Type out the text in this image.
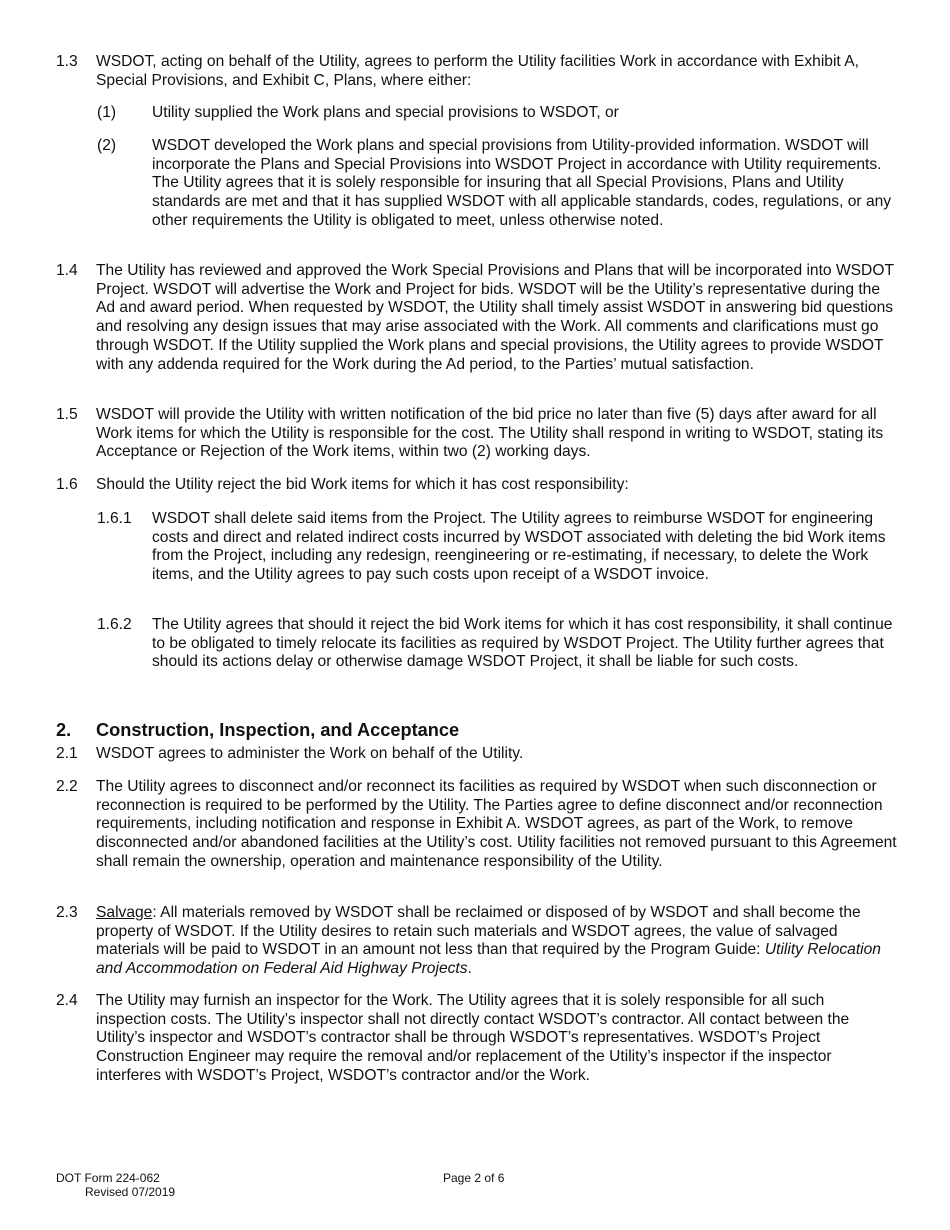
1.3	WSDOT, acting on behalf of the Utility, agrees to perform the Utility facilities Work in accordance with Exhibit A, Special Provisions, and Exhibit C, Plans, where either:
(1)	Utility supplied the Work plans and special provisions to WSDOT, or
(2)	WSDOT developed the Work plans and special provisions from Utility-provided information. WSDOT will incorporate the Plans and Special Provisions into WSDOT Project in accordance with Utility requirements. The Utility agrees that it is solely responsible for insuring that all Special Provisions, Plans and Utility standards are met and that it has supplied WSDOT with all applicable standards, codes, regulations, or any other requirements the Utility is obligated to meet, unless otherwise noted.
1.4	The Utility has reviewed and approved the Work Special Provisions and Plans that will be incorporated into WSDOT Project. WSDOT will advertise the Work and Project for bids. WSDOT will be the Utility’s representative during the Ad and award period. When requested by WSDOT, the Utility shall timely assist WSDOT in answering bid questions and resolving any design issues that may arise associated with the Work. All comments and clarifications must go through WSDOT. If the Utility supplied the Work plans and special provisions, the Utility agrees to provide WSDOT with any addenda required for the Work during the Ad period, to the Parties’ mutual satisfaction.
1.5	WSDOT will provide the Utility with written notification of the bid price no later than five (5) days after award for all Work items for which the Utility is responsible for the cost. The Utility shall respond in writing to WSDOT, stating its Acceptance or Rejection of the Work items, within two (2) working days.
1.6	Should the Utility reject the bid Work items for which it has cost responsibility:
1.6.1	WSDOT shall delete said items from the Project. The Utility agrees to reimburse WSDOT for engineering costs and direct and related indirect costs incurred by WSDOT associated with deleting the bid Work items from the Project, including any redesign, reengineering or re-estimating, if necessary, to delete the Work items, and the Utility agrees to pay such costs upon receipt of a WSDOT invoice.
1.6.2	The Utility agrees that should it reject the bid Work items for which it has cost responsibility, it shall continue to be obligated to timely relocate its facilities as required by WSDOT Project. The Utility further agrees that should its actions delay or otherwise damage WSDOT Project, it shall be liable for such costs.
2.	Construction, Inspection, and Acceptance
2.1	WSDOT agrees to administer the Work on behalf of the Utility.
2.2	The Utility agrees to disconnect and/or reconnect its facilities as required by WSDOT when such disconnection or reconnection is required to be performed by the Utility. The Parties agree to define disconnect and/or reconnection requirements, including notification and response in Exhibit A. WSDOT agrees, as part of the Work, to remove disconnected and/or abandoned facilities at the Utility’s cost. Utility facilities not removed pursuant to this Agreement shall remain the ownership, operation and maintenance responsibility of the Utility.
2.3	Salvage: All materials removed by WSDOT shall be reclaimed or disposed of by WSDOT and shall become the property of WSDOT. If the Utility desires to retain such materials and WSDOT agrees, the value of salvaged materials will be paid to WSDOT in an amount not less than that required by the Program Guide: Utility Relocation and Accommodation on Federal Aid Highway Projects.
2.4	The Utility may furnish an inspector for the Work. The Utility agrees that it is solely responsible for all such inspection costs. The Utility’s inspector shall not directly contact WSDOT’s contractor. All contact between the Utility’s inspector and WSDOT’s contractor shall be through WSDOT’s representatives. WSDOT’s Project Construction Engineer may require the removal and/or replacement of the Utility’s inspector if the inspector interferes with WSDOT’s Project, WSDOT’s contractor and/or the Work.
DOT Form 224-062
Revised 07/2019
Page 2 of 6
